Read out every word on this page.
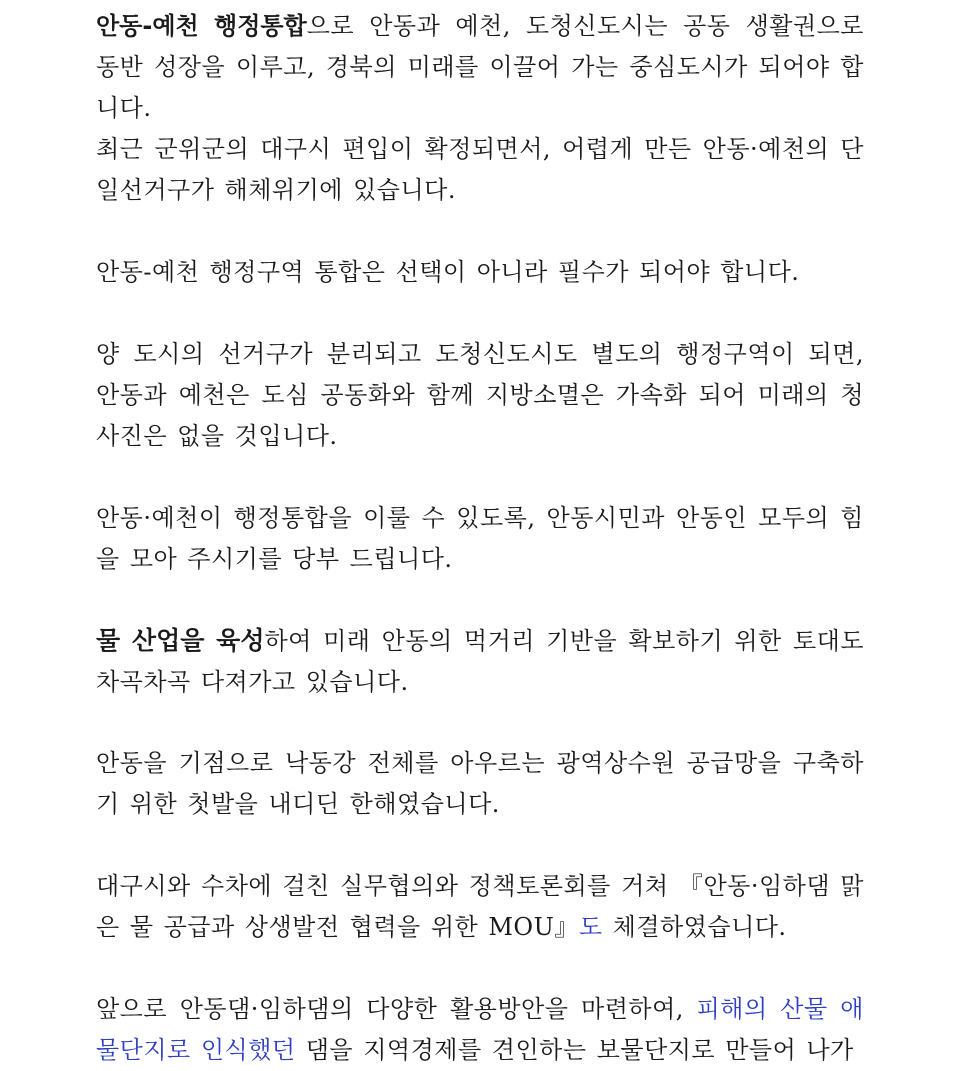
안동-예천 행정통합으로 안동과 예천, 도청신도시는 공동 생활권으로 동반 성장을 이루고, 경북의 미래를 이끌어 가는 중심도시가 되어야 합니다.

최근 군위군의 대구시 편입이 확정되면서, 어렵게 만든 안동·예천의 단일선거구가 해체위기에 있습니다.

안동-예천 행정구역 통합은 선택이 아니라 필수가 되어야 합니다.

양 도시의 선거구가 분리되고 도청신도시도 별도의 행정구역이 되면, 안동과 예천은 도심 공동화와 함께 지방소멸은 가속화 되어 미래의 청사진은 없을 것입니다.

안동·예천이 행정통합을 이룰 수 있도록, 안동시민과 안동인 모두의 힘을 모아 주시기를 당부 드립니다.

물 산업을 육성하여 미래 안동의 먹거리 기반을 확보하기 위한 토대도 차곡차곡 다져가고 있습니다.

안동을 기점으로 낙동강 전체를 아우르는 광역상수원 공급망을 구축하기 위한 첫발을 내디딘 한해였습니다.

대구시와 수차에 걸친 실무협의와 정책토론회를 거쳐 『안동·임하댐 맑은 물 공급과 상생발전 협력을 위한 MOU』도 체결하였습니다.

앞으로 안동댐·임하댐의 다양한 활용방안을 마련하여, 피해의 산물 애물단지로 인식했던 댐을 지역경제를 견인하는 보물단지로 만들어 나가
